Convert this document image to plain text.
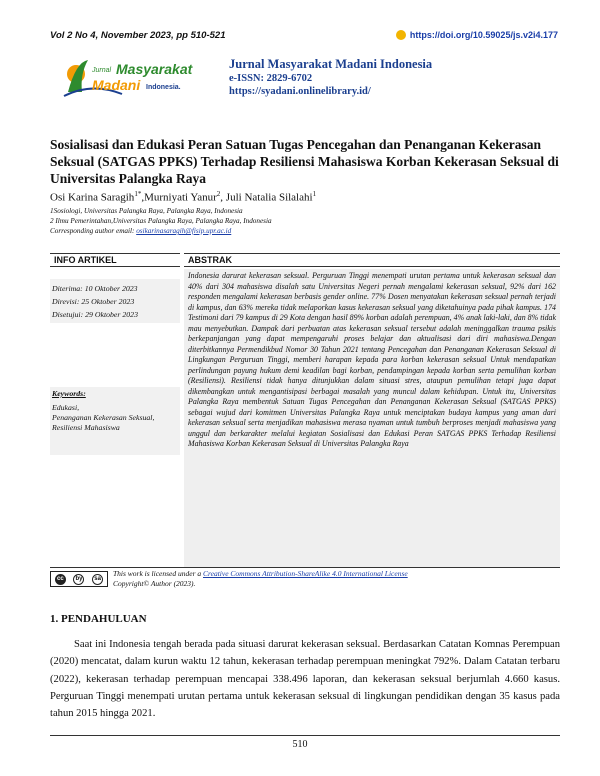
Vol 2 No 4, November 2023, pp 510-521	https://doi.org/10.59025/js.v2i4.177
Jurnal Masyarakat
Madani Indonesia.
Jurnal Masyarakat Madani Indonesia
e-ISSN: 2829-6702
https://syadani.onlinelibrary.id/
Sosialisasi dan Edukasi Peran Satuan Tugas Pencegahan dan Penanganan Kekerasan Seksual (SATGAS PPKS) Terhadap Resiliensi Mahasiswa Korban Kekerasan Seksual di Universitas Palangka Raya
Osi Karina Saragih$^{1*}$,Murniyati Yanur$^2$, Juli Natalia Silalahi$^1$
1Sosiologi, Universitas Palangka Raya, Palangka Raya, Indonesia
2 Ilmu Pemerintahan,Universitas Palangka Raya, Palangka Raya, Indonesia
Corresponding author email: osikarinasaragih@fisip.upr.ac.id
INFO ARTIKEL	ABSTRAK
Diterima: 10 Oktober 2023
Direvisi: 25 Oktober 2023
Disetujui: 29 Oktober 2023
Keywords:
Edukasi,
Penanganan Kekerasan Seksual,
Resiliensi Mahasiswa
Indonesia darurat kekerasan seksual. Perguruan Tinggi menempati urutan pertama untuk kekerasan seksual dan 40% dari 304 mahasiswa disalah satu Universitas Negeri pernah mengalami kekerasan seksual, 92% dari 162 responden mengalami kekerasan berbasis gender online. 77% Dosen menyatakan kekerasan seksual pernah terjadi di kampus, dan 63% mereka tidak melaporkan kasus kekerasan seksual yang diketahuinya pada pihak kampus. 174 Testimoni dari 79 kampus di 29 Kota dengan hasil 89% korban adalah perempuan, 4% anak laki-laki, dan 8% tidak mau menyebutkan. Dampak dari perbuatan atas kekerasan seksual tersebut adalah meninggalkan trauma psikis berkepanjangan yang dapat mempengaruhi proses belajar dan aktualisasi dari diri mahasiswa.Dengan diterbitkannya Permendikbud Nomor 30 Tahun 2021 tentang Pencegahan dan Penanganan Kekerasan Seksual di Lingkungan Perguruan Tinggi, memberi harapan kepada para korban kekerasan seksual Untuk mendapatkan perlindungan payung hukum demi keadilan bagi korban, pendampingan kepada korban serta pemulihan korban (Resiliensi). Resiliensi tidak hanya ditunjukkan dalam situasi stres, ataupun pemulihan tetapi juga dapat dikembangkan untuk mengantisipasi berbagai masalah yang muncul dalam kehidupan. Untuk itu, Universitas Palangka Raya membentuk Satuan Tugas Pencegahan dan Penanganan Kekerasan Seksual (SATGAS PPKS) sebagai wujud dari komitmen Universitas Palangka Raya untuk menciptakan budaya kampus yang aman dari kekerasan seksual serta menjadikan mahasiswa merasa nyaman untuk tumbuh berproses menjadi mahasiswa yang unggul dan berkarakter melalui kegiatan Sosialisasi dan Edukasi Peran SATGAS PPKS Terhadap Resiliensi Mahasiswa Korban Kekerasan Seksual di Universitas Palangka Raya
cc	by	sa
This work is licensed under a Creative Commons Attribution-ShareAlike 4.0 International License
Copyright© Author (2023).
1. PENDAHULUAN
Saat ini Indonesia tengah berada pada situasi darurat kekerasan seksual. Berdasarkan Catatan Komnas Perempuan (2020) mencatat, dalam kurun waktu 12 tahun, kekerasan terhadap perempuan meningkat 792%. Dalam Catatan terbaru (2022), kekerasan terhadap perempuan mencapai 338.496 laporan, dan kekerasan seksual berjumlah 4.660 kasus. Perguruan Tinggi menempati urutan pertama untuk kekerasan seksual di lingkungan pendidikan dengan 35 kasus pada tahun 2015 hingga 2021.
510
